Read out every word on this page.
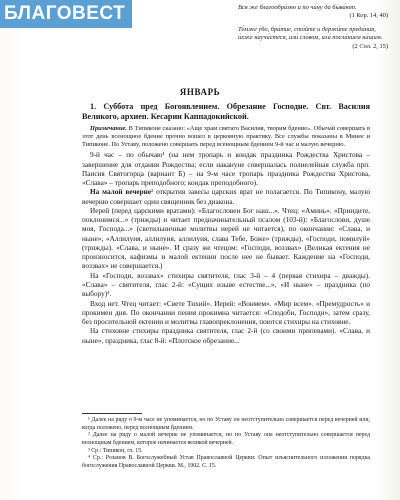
БЛАГОВЕСТ	Вся же благообра́зно и по чи́ну да быва́ют.

(1 Кор. 14, 40)

Те́мже у́бо, бра́тие, сто́йте и держи́те преда́ния, и́хже научи́стеся, или́ сло́вом, или́ посла́нием на́шим.

(2 Сол. 2, 15)

ЯНВАРЬ

1. Суббота пред Богоявлением. Обрезание Господне. Свт. Василия Великого, архиеп. Кесарии Каппадокийской.

Примечание. В Типиконе сказано: «Аще храм святаго Василия, творим бдение». Обычай совершать в этот день всенощное бдение прочно вошел в церковную практику. Все службы показаны в Минее и Типиконе. По Уставу, положено совершать перед всенощным бдением 9-й час и малую вечерню.

9-й час – по обычаю¹ (на нем тропарь и кондак праздника Рождества Христова – завершение для отдания Рождества; если накануне совершалась полиелейная служба прп. Паисия Святогорца (вариант Б) – на 9-м часе тропарь праздника Рождества Христова, «Слава» – тропарь преподобного; кондак преподобного).

На малой вечерне² открытия завесы царских врат не полагается. По Типикону, малую вечерню совершает один священник без диакона.

Иерей (перед царскими вратами): «Благословен Бог наш...». Чтец: «Аминь». «Приидите, поклонимся...» (трижды) и читает предначинательный псалом (103-й): «Благослови, душе моя, Господа...» (светильничные молитвы иерей не читается), по окончании: «Слава, и ныне», «Аллилуия, аллилуия, аллилуия, слава Тебе, Боже» (трижды), «Господи, помилуй» (трижды). «Слава, и ныне». И сразу же чтецом: «Господи, воззвах» (Великая ектения не произносится, кафизмы и малой ектении после нее не бывает. Каждение на «Господи, воззвах» не совершается.)

На «Господи, воззвах» стихиры святителя, глас 3-й – 4 (первая стихира – дважды). «Слава» – святителя, глас 2-й: «Сущих изыве естестве...», «И ныне» – праздника (по выбору)³.

Вход нет. Чтец читает: «Свете Тихий». Иерей: «Вонмем». «Мир всем». «Премудрость» и прокимен дня. По окончании пения прокимна читается: «Сподоби, Господи», затем сразу, без просительной ектении и молитвы главопреклонения, поются стихиры на стиховне.

На стиховне стихиры праздника святителя, глас 2-й (со своими припевами). «Слава, и ныне», праздника, глас 8-й: «Плотское обрезание...

¹ Далее на ряду о 9-м часе не упоминается, но по Уставу он неотступительно совершается перед вечерней или, когда положено, перед всенощным бдением.

² Далее на ряду о малой вечерне не упоминается, но по Уставу она неотступительно совершается перед всенощным бдением, которое начинается великой вечерней.

³ Ср.: Типикон, гл. 15.

⁴ Ср.: Розанов В. Богослужебный Устав Православной Церкви: Опыт изъяснительного изложения порядка богослужения Православной Церкви. М., 1902. С. 15.
